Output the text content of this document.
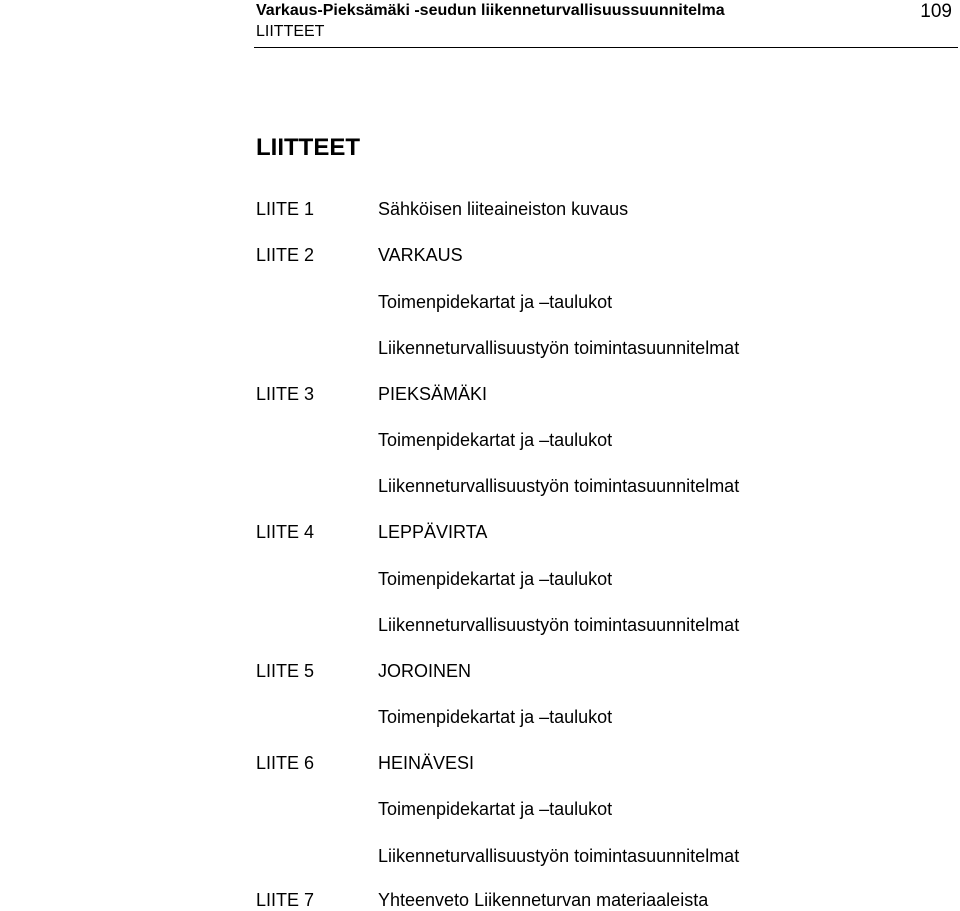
Varkaus-Pieksämäki -seudun liikenneturvallisuussuunnitelma
LIITTEET
109
LIITTEET
LIITE 1	Sähköisen liiteaineiston kuvaus
LIITE 2	VARKAUS
Toimenpidekartat ja –taulukot
Liikenneturvallisuustyön toimintasuunnitelmat
LIITE 3	PIEKSÄMÄKI
Toimenpidekartat ja –taulukot
Liikenneturvallisuustyön toimintasuunnitelmat
LIITE 4	LEPPÄVIRTA
Toimenpidekartat ja –taulukot
Liikenneturvallisuustyön toimintasuunnitelmat
LIITE 5	JOROINEN
Toimenpidekartat ja –taulukot
LIITE 6	HEINÄVESI
Toimenpidekartat ja –taulukot
Liikenneturvallisuustyön toimintasuunnitelmat
LIITE 7	Yhteenveto Liikenneturvan materiaaleista
